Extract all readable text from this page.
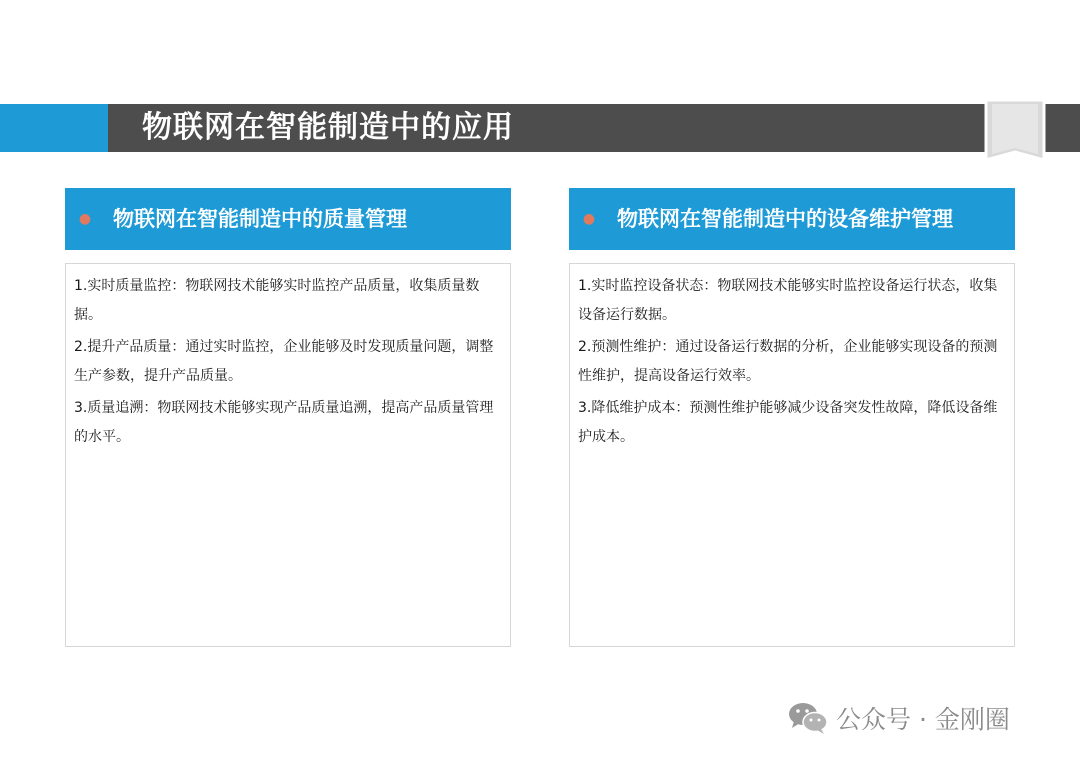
物联网在智能制造中的应用
● 物联网在智能制造中的质量管理

1.实时质量监控：物联网技术能够实时监控产品质量，收集质量数据。

2.提升产品质量：通过实时监控，企业能够及时发现质量问题，调整生产参数，提升产品质量。

3.质量追溯：物联网技术能够实现产品质量追溯，提高产品质量管理的水平。

● 物联网在智能制造中的设备维护管理

1.实时监控设备状态：物联网技术能够实时监控设备运行状态，收集设备运行数据。

2.预测性维护：通过设备运行数据的分析，企业能够实现设备的预测性维护，提高设备运行效率。

3.降低维护成本：预测性维护能够减少设备突发性故障，降低设备维护成本。

公众号 · 金刚圈
